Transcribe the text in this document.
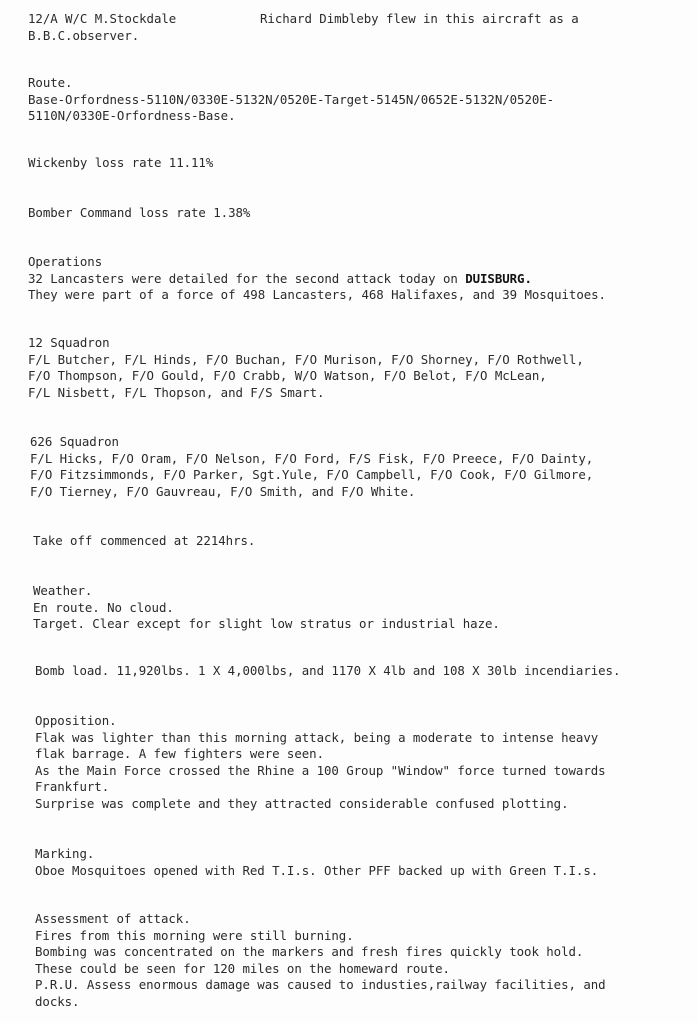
12/A W/C M.Stockdale	Richard Dimbleby flew in this aircraft as a
B.B.C.observer.
Route.
Base-Orfordness-5110N/0330E-5132N/0520E-Target-5145N/0652E-5132N/0520E-
5110N/0330E-Orfordness-Base.
Wickenby loss rate 11.11%
Bomber Command loss rate 1.38%
Operations
32 Lancasters were detailed for the second attack today on DUISBURG.
They were part of a force of 498 Lancasters, 468 Halifaxes, and 39 Mosquitoes.
12 Squadron
F/L Butcher, F/L Hinds, F/O Buchan, F/O Murison, F/O Shorney, F/O Rothwell,
F/O Thompson, F/O Gould, F/O Crabb, W/O Watson, F/O Belot, F/O McLean,
F/L Nisbett, F/L Thopson, and F/S Smart.
626 Squadron
F/L Hicks, F/O Oram, F/O Nelson, F/O Ford, F/S Fisk, F/O Preece, F/O Dainty,
F/O Fitzsimmonds, F/O Parker, Sgt.Yule, F/O Campbell, F/O Cook, F/O Gilmore,
F/O Tierney, F/O Gauvreau, F/O Smith, and F/O White.
Take off commenced at 2214hrs.
Weather.
En route. No cloud.
Target. Clear except for slight low stratus or industrial haze.
Bomb load. 11,920lbs. 1 X 4,000lbs, and 1170 X 4lb and 108 X 30lb incendiaries.
Opposition.
Flak was lighter than this morning attack, being a moderate to intense heavy
flak barrage. A few fighters were seen.
As the Main Force crossed the Rhine a 100 Group "Window" force turned towards
Frankfurt.
Surprise was complete and they attracted considerable confused plotting.
Marking.
Oboe Mosquitoes opened with Red T.I.s. Other PFF backed up with Green T.I.s.
Assessment of attack.
Fires from this morning were still burning.
Bombing was concentrated on the markers and fresh fires quickly took hold.
These could be seen for 120 miles on the homeward route.
P.R.U. Assess enormous damage was caused to industies,railway facilities, and
docks.
